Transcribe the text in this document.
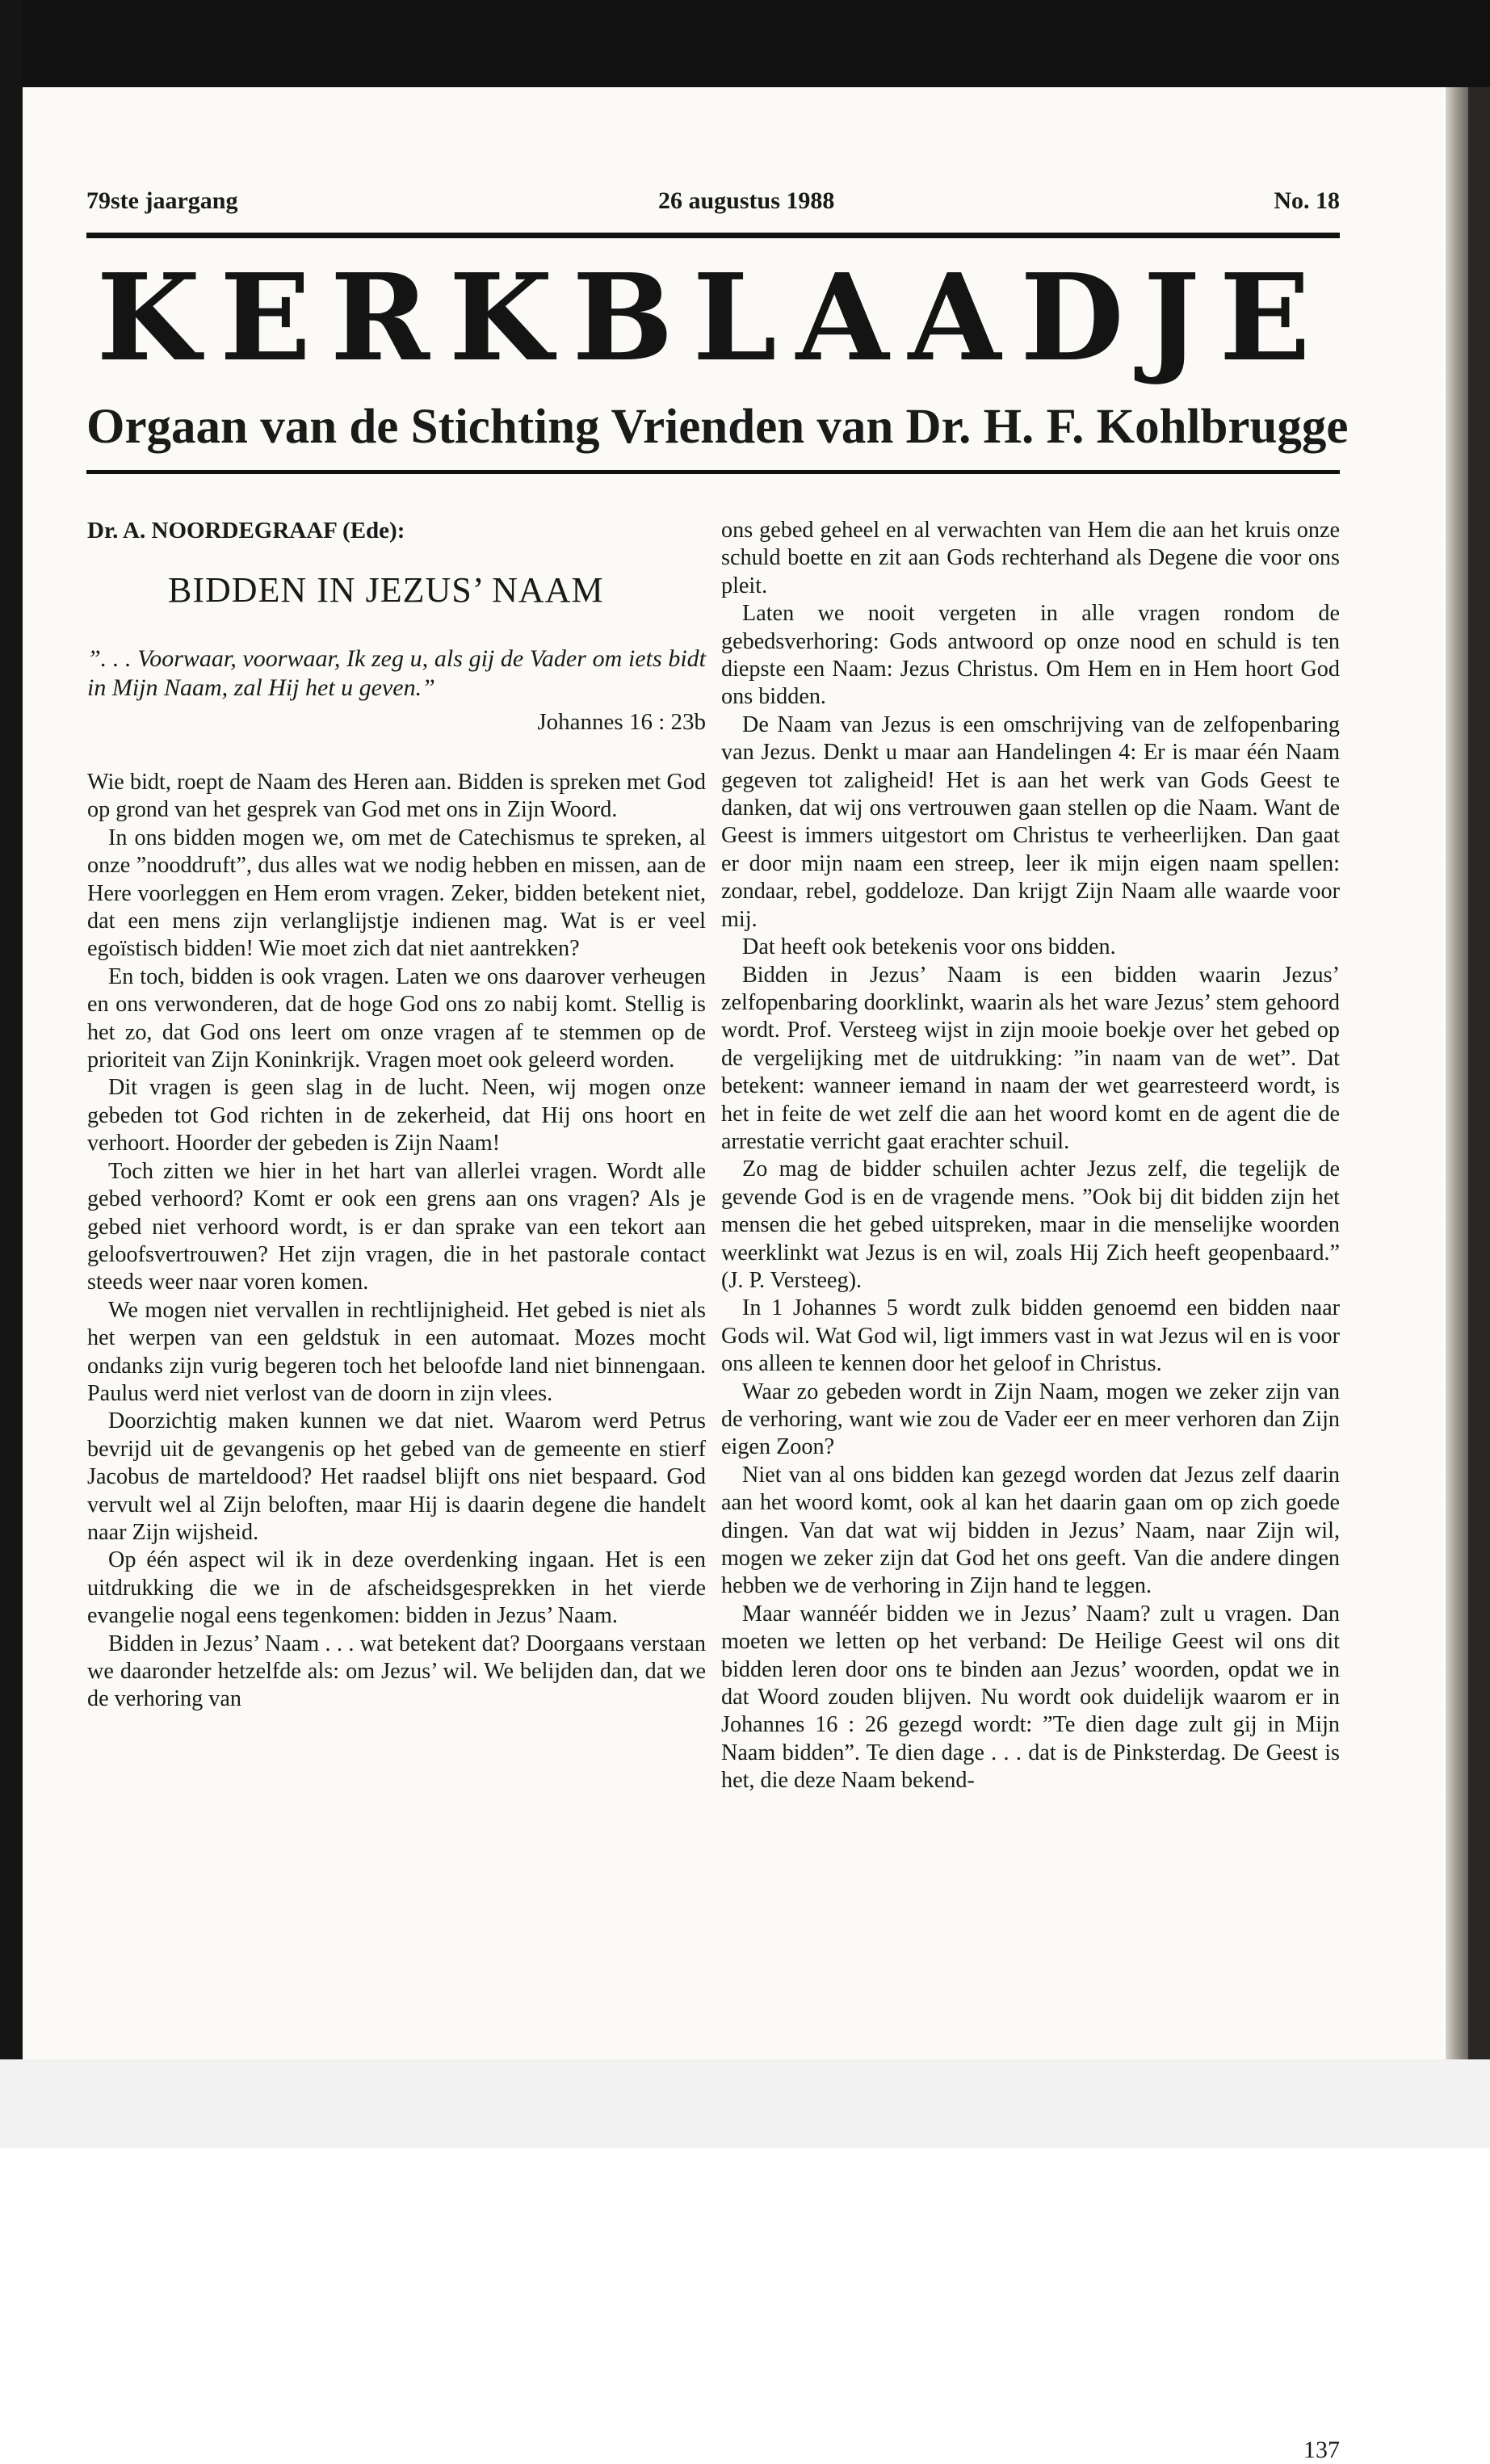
79ste jaargang	26 augustus 1988	No. 18
KERKBLAADJE
Orgaan van de Stichting Vrienden van Dr. H. F. Kohlbrugge

Dr. A. NOORDEGRAAF (Ede):

BIDDEN IN JEZUS’ NAAM

”. . . Voorwaar, voorwaar, Ik zeg u, als gij de Vader om iets bidt in Mijn Naam, zal Hij het u geven.”

Johannes 16 : 23b

Wie bidt, roept de Naam des Heren aan. Bidden is spreken met God op grond van het gesprek van God met ons in Zijn Woord.

In ons bidden mogen we, om met de Catechismus te spreken, al onze ”nooddruft”, dus alles wat we nodig hebben en missen, aan de Here voorleggen en Hem erom vragen. Zeker, bidden betekent niet, dat een mens zijn verlanglijstje indienen mag. Wat is er veel egoïstisch bidden! Wie moet zich dat niet aantrekken?

En toch, bidden is ook vragen. Laten we ons daarover verheugen en ons verwonderen, dat de hoge God ons zo nabij komt. Stellig is het zo, dat God ons leert om onze vragen af te stemmen op de prioriteit van Zijn Koninkrijk. Vragen moet ook geleerd worden.

Dit vragen is geen slag in de lucht. Neen, wij mogen onze gebeden tot God richten in de zekerheid, dat Hij ons hoort en verhoort. Hoorder der gebeden is Zijn Naam!

Toch zitten we hier in het hart van allerlei vragen. Wordt alle gebed verhoord? Komt er ook een grens aan ons vragen? Als je gebed niet verhoord wordt, is er dan sprake van een tekort aan geloofsvertrouwen? Het zijn vragen, die in het pastorale contact steeds weer naar voren komen.

We mogen niet vervallen in rechtlijnigheid. Het gebed is niet als het werpen van een geldstuk in een automaat. Mozes mocht ondanks zijn vurig begeren toch het beloofde land niet binnengaan. Paulus werd niet verlost van de doorn in zijn vlees.

Doorzichtig maken kunnen we dat niet. Waarom werd Petrus bevrijd uit de gevangenis op het gebed van de gemeente en stierf Jacobus de marteldood? Het raadsel blijft ons niet bespaard. God vervult wel al Zijn beloften, maar Hij is daarin degene die handelt naar Zijn wijsheid.

Op één aspect wil ik in deze overdenking ingaan. Het is een uitdrukking die we in de afscheidsgesprekken in het vierde evangelie nogal eens tegenkomen: bidden in Jezus’ Naam.

Bidden in Jezus’ Naam . . . wat betekent dat? Doorgaans verstaan we daaronder hetzelfde als: om Jezus’ wil. We belijden dan, dat we de verhoring van

ons gebed geheel en al verwachten van Hem die aan het kruis onze schuld boette en zit aan Gods rechterhand als Degene die voor ons pleit.

Laten we nooit vergeten in alle vragen rondom de gebedsverhoring: Gods antwoord op onze nood en schuld is ten diepste een Naam: Jezus Christus. Om Hem en in Hem hoort God ons bidden.

De Naam van Jezus is een omschrijving van de zelfopenbaring van Jezus. Denkt u maar aan Handelingen 4: Er is maar één Naam gegeven tot zaligheid! Het is aan het werk van Gods Geest te danken, dat wij ons vertrouwen gaan stellen op die Naam. Want de Geest is immers uitgestort om Christus te verheerlijken. Dan gaat er door mijn naam een streep, leer ik mijn eigen naam spellen: zondaar, rebel, goddeloze. Dan krijgt Zijn Naam alle waarde voor mij.

Dat heeft ook betekenis voor ons bidden.

Bidden in Jezus’ Naam is een bidden waarin Jezus’ zelfopenbaring doorklinkt, waarin als het ware Jezus’ stem gehoord wordt. Prof. Versteeg wijst in zijn mooie boekje over het gebed op de vergelijking met de uitdrukking: ”in naam van de wet”. Dat betekent: wanneer iemand in naam der wet gearresteerd wordt, is het in feite de wet zelf die aan het woord komt en de agent die de arrestatie verricht gaat erachter schuil.

Zo mag de bidder schuilen achter Jezus zelf, die tegelijk de gevende God is en de vragende mens. ”Ook bij dit bidden zijn het mensen die het gebed uitspreken, maar in die menselijke woorden weerklinkt wat Jezus is en wil, zoals Hij Zich heeft geopenbaard.” (J. P. Versteeg).

In 1 Johannes 5 wordt zulk bidden genoemd een bidden naar Gods wil. Wat God wil, ligt immers vast in wat Jezus wil en is voor ons alleen te kennen door het geloof in Christus.

Waar zo gebeden wordt in Zijn Naam, mogen we zeker zijn van de verhoring, want wie zou de Vader eer en meer verhoren dan Zijn eigen Zoon?

Niet van al ons bidden kan gezegd worden dat Jezus zelf daarin aan het woord komt, ook al kan het daarin gaan om op zich goede dingen. Van dat wat wij bidden in Jezus’ Naam, naar Zijn wil, mogen we zeker zijn dat God het ons geeft. Van die andere dingen hebben we de verhoring in Zijn hand te leggen.

Maar wannéér bidden we in Jezus’ Naam? zult u vragen. Dan moeten we letten op het verband: De Heilige Geest wil ons dit bidden leren door ons te binden aan Jezus’ woorden, opdat we in dat Woord zouden blijven. Nu wordt ook duidelijk waarom er in Johannes 16 : 26 gezegd wordt: ”Te dien dage zult gij in Mijn Naam bidden”. Te dien dage . . . dat is de Pinksterdag. De Geest is het, die deze Naam bekend-

137
